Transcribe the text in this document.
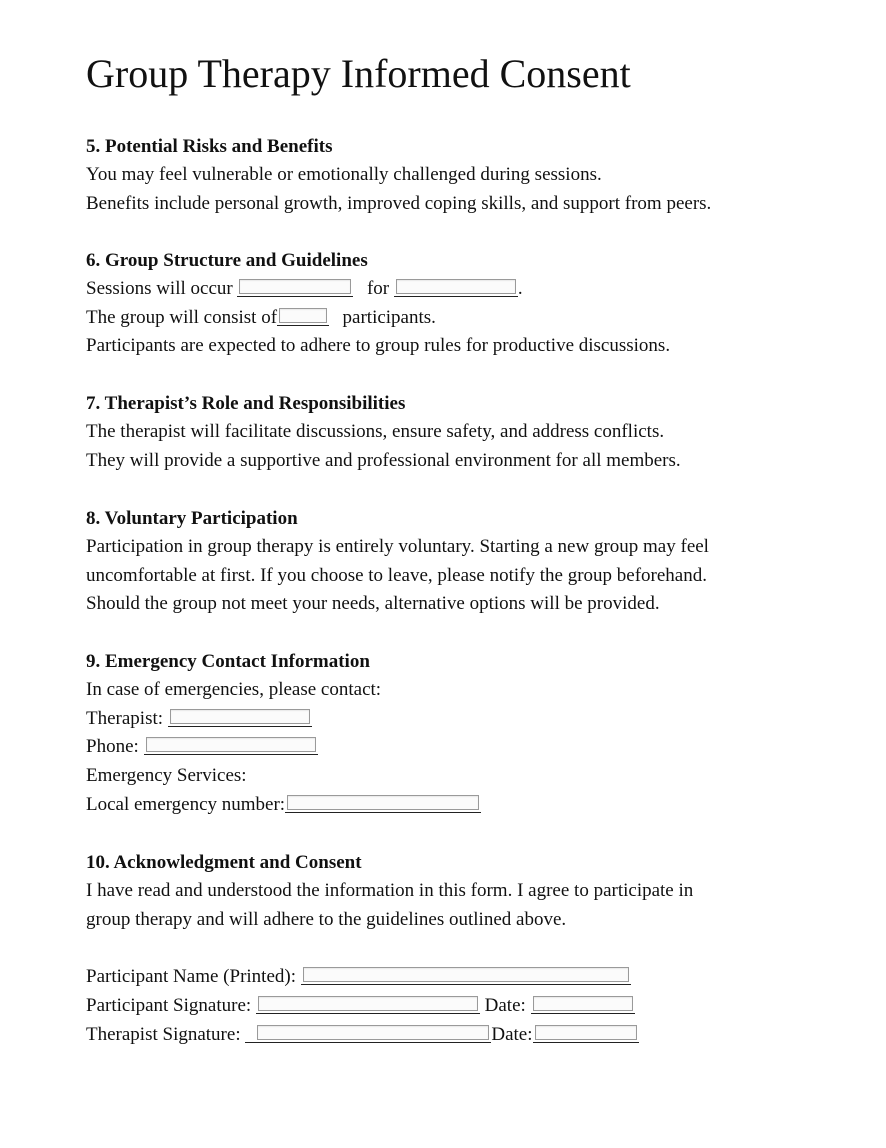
Group Therapy Informed Consent
5. Potential Risks and Benefits
You may feel vulnerable or emotionally challenged during sessions.
Benefits include personal growth, improved coping skills, and support from peers.
6. Group Structure and Guidelines
Sessions will occur	for	.
The group will consist of	participants.
Participants are expected to adhere to group rules for productive discussions.
7. Therapist’s Role and Responsibilities
The therapist will facilitate discussions, ensure safety, and address conflicts.
They will provide a supportive and professional environment for all members.
8. Voluntary Participation
Participation in group therapy is entirely voluntary. Starting a new group may feel
uncomfortable at first. If you choose to leave, please notify the group beforehand.
Should the group not meet your needs, alternative options will be provided.
9. Emergency Contact Information
In case of emergencies, please contact:
Therapist:
Phone:
Emergency Services:
Local emergency number:
10. Acknowledgment and Consent
I have read and understood the information in this form. I agree to participate in
group therapy and will adhere to the guidelines outlined above.
Participant Name (Printed):
Participant Signature:	Date:
Therapist Signature:	Date:
